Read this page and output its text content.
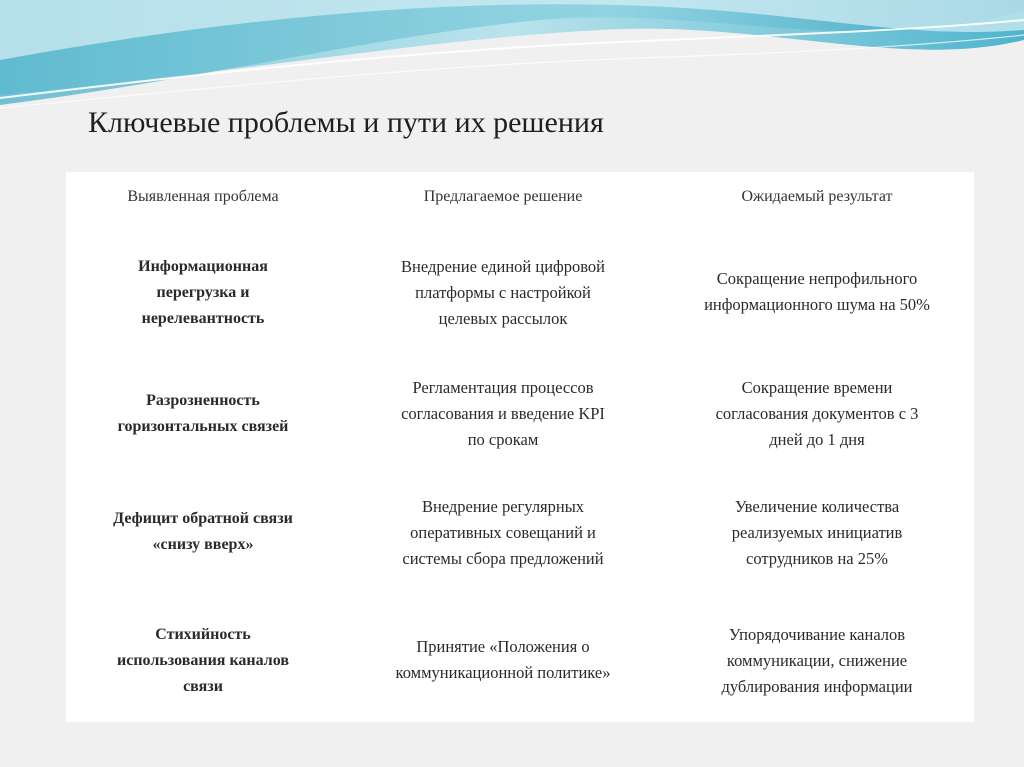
Ключевые проблемы и пути их решения
Выявленная проблема	Предлагаемое решение	Ожидаемый результат
Информационная
перегрузка и
нерелевантность
Внедрение единой цифровой
платформы с настройкой
целевых рассылок
Сокращение непрофильного
информационного шума на 50%
Разрозненность
горизонтальных связей
Регламентация процессов
согласования и введение KPI
по срокам
Сокращение времени
согласования документов с 3
дней до 1 дня
Дефицит обратной связи
«снизу вверх»
Внедрение регулярных
оперативных совещаний и
системы сбора предложений
Увеличение количества
реализуемых инициатив
сотрудников на 25%
Стихийность
использования каналов
связи
Принятие «Положения о
коммуникационной политике»
Упорядочивание каналов
коммуникации, снижение
дублирования информации
